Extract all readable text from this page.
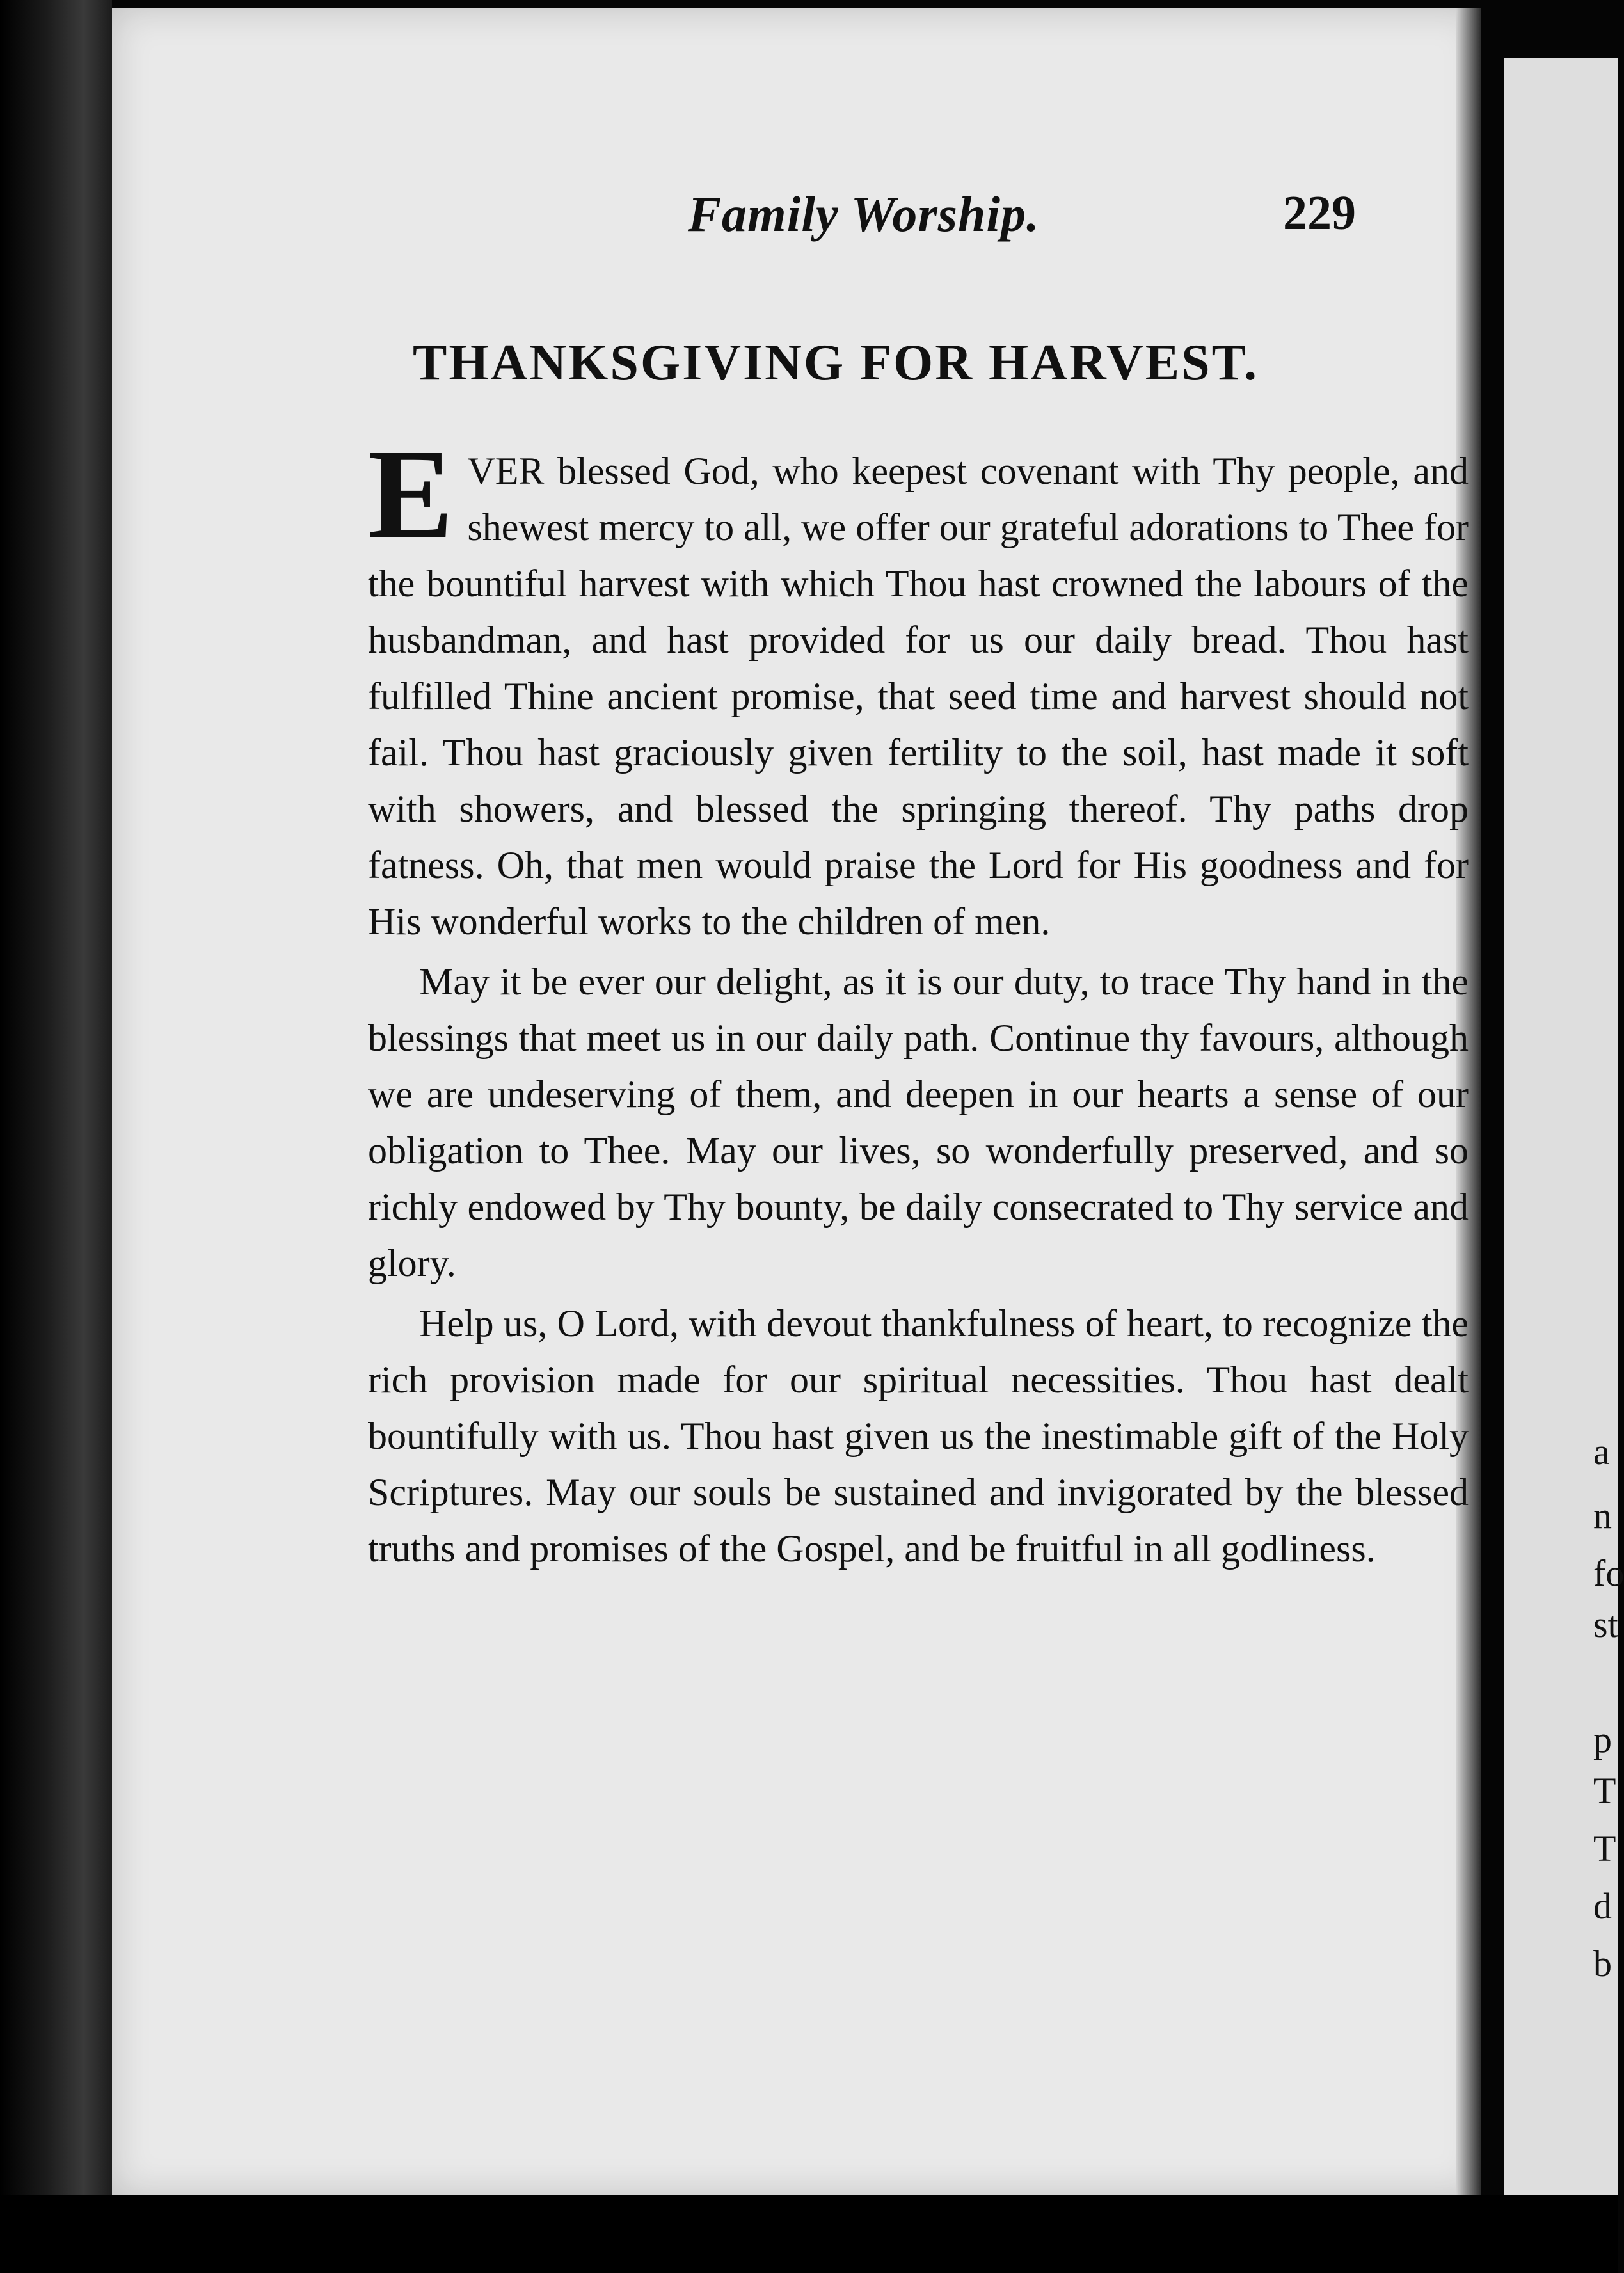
Family Worship.	229
THANKSGIVING FOR HARVEST.

EVER blessed God, who keepest covenant with Thy people, and shewest mercy to all, we offer our grateful adorations to Thee for the bountiful harvest with which Thou hast crowned the labours of the husbandman, and hast provided for us our daily bread. Thou hast fulfilled Thine ancient promise, that seed time and harvest should not fail. Thou hast graciously given fertility to the soil, hast made it soft with showers, and blessed the springing thereof. Thy paths drop fatness. Oh, that men would praise the Lord for His goodness and for His wonderful works to the children of men.

May it be ever our delight, as it is our duty, to trace Thy hand in the blessings that meet us in our daily path. Continue thy favours, although we are undeserving of them, and deepen in our hearts a sense of our obligation to Thee. May our lives, so wonderfully preserved, and so richly endowed by Thy bounty, be daily consecrated to Thy service and glory.

Help us, O Lord, with devout thankfulness of heart, to recognize the rich provision made for our spiritual necessities. Thou hast dealt bountifully with us. Thou hast given us the inestimable gift of the Holy Scriptures. May our souls be sustained and invigorated by the blessed truths and promises of the Gospel, and be fruitful in all godliness.

a
n
fo
st
p
T
T
d
b
